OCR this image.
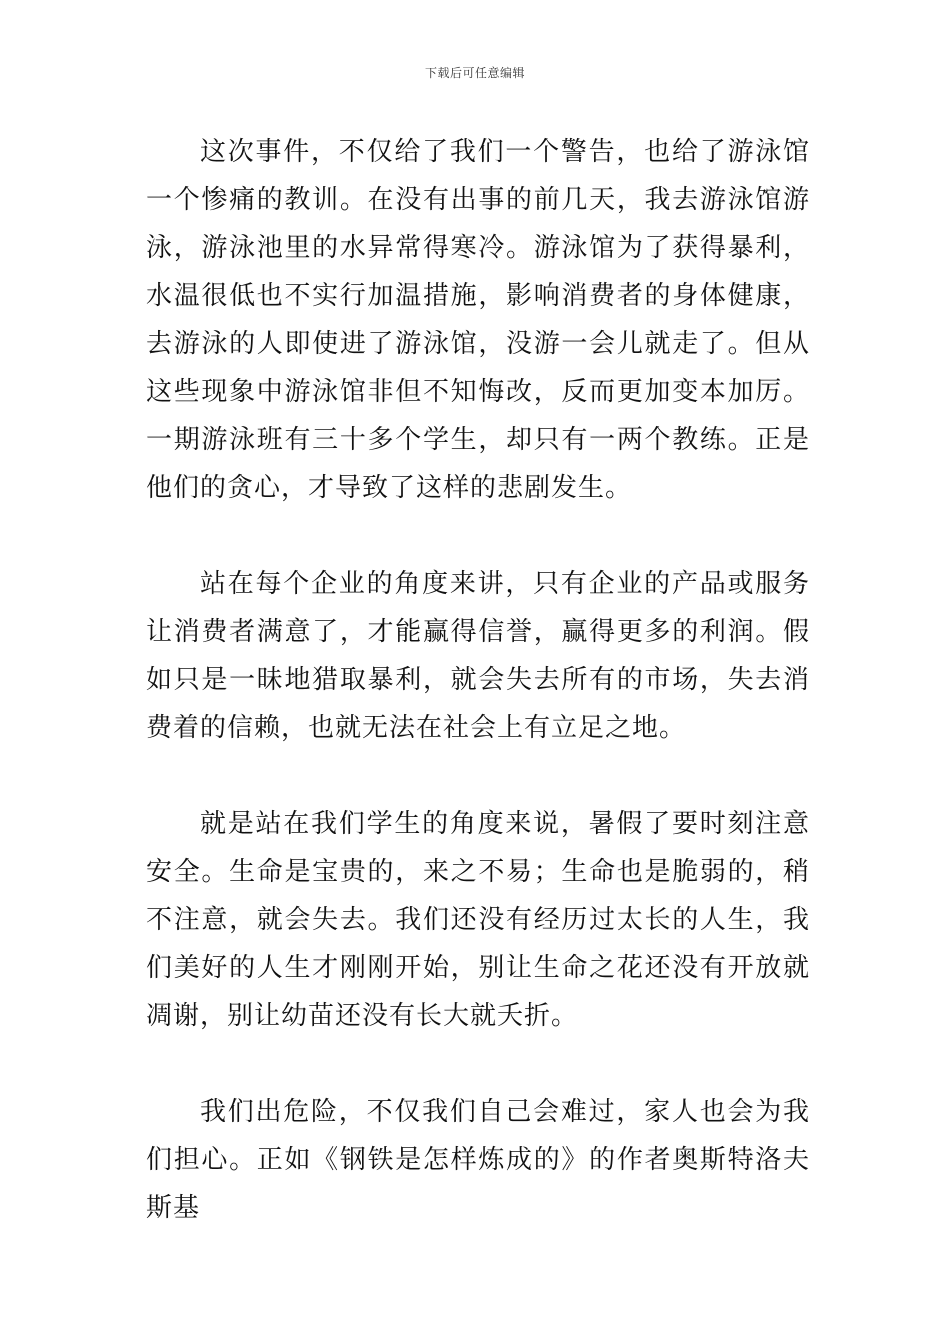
下载后可任意编辑

这次事件，不仅给了我们一个警告，也给了游泳馆一个惨痛的教训。在没有出事的前几天，我去游泳馆游泳，游泳池里的水异常得寒冷。游泳馆为了获得暴利，水温很低也不实行加温措施，影响消费者的身体健康，去游泳的人即使进了游泳馆，没游一会儿就走了。但从这些现象中游泳馆非但不知悔改，反而更加变本加厉。一期游泳班有三十多个学生，却只有一两个教练。正是他们的贪心，才导致了这样的悲剧发生。

站在每个企业的角度来讲，只有企业的产品或服务让消费者满意了，才能赢得信誉，赢得更多的利润。假如只是一昧地猎取暴利，就会失去所有的市场，失去消费着的信赖，也就无法在社会上有立足之地。

就是站在我们学生的角度来说，暑假了要时刻注意安全。生命是宝贵的，来之不易；生命也是脆弱的，稍不注意，就会失去。我们还没有经历过太长的人生，我们美好的人生才刚刚开始，别让生命之花还没有开放就凋谢，别让幼苗还没有长大就夭折。

我们出危险，不仅我们自己会难过，家人也会为我们担心。正如《钢铁是怎样炼成的》的作者奥斯特洛夫斯基
